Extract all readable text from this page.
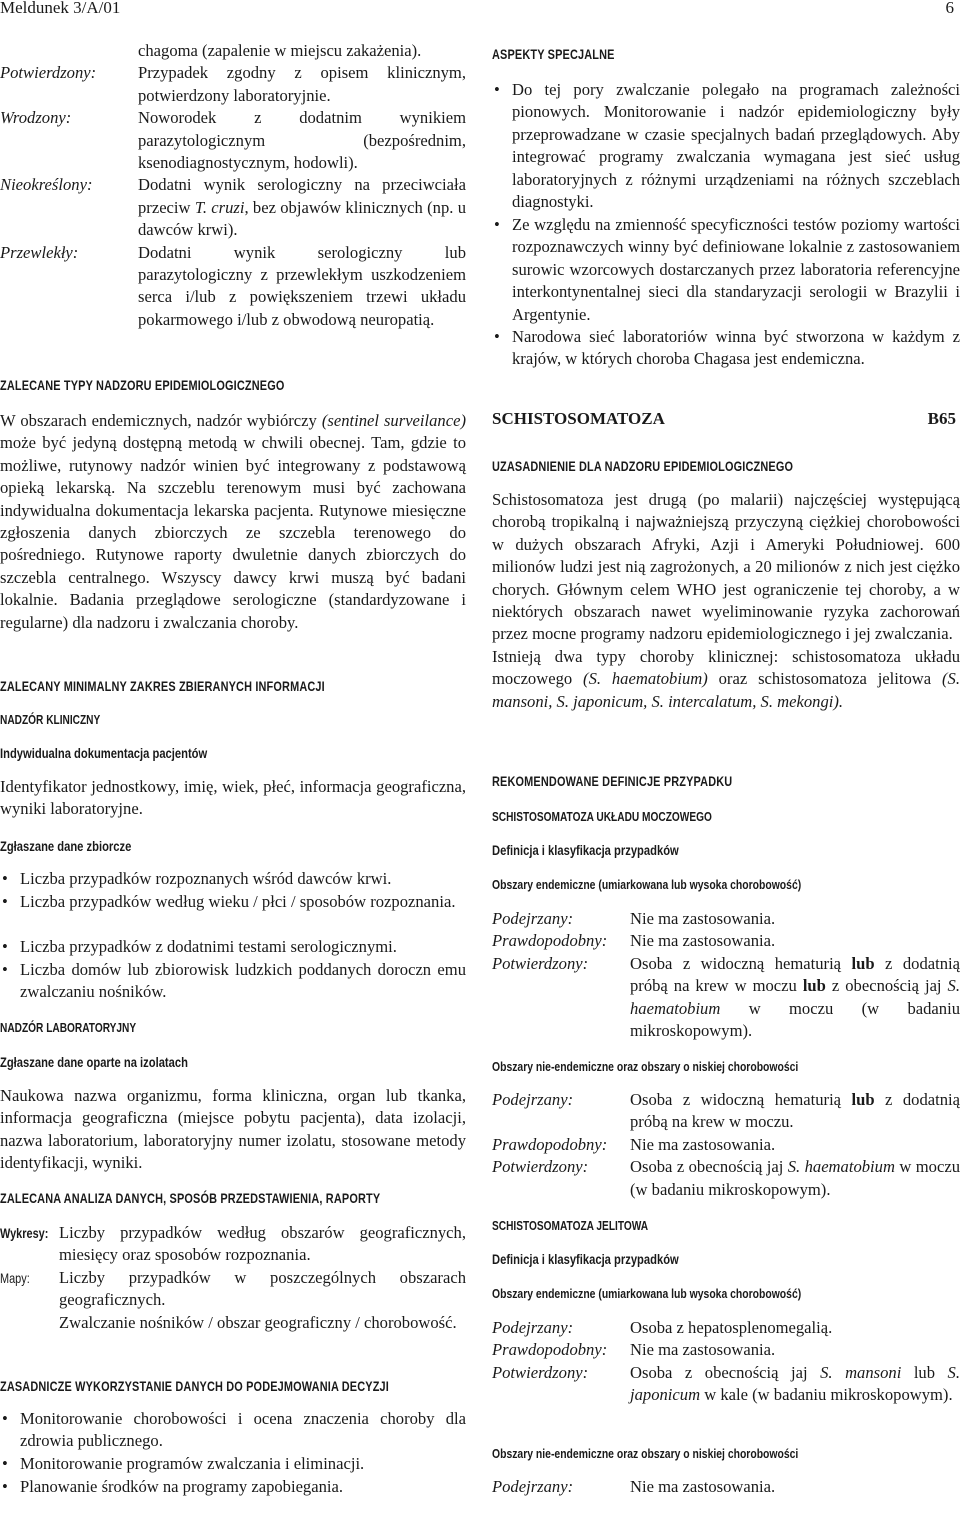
Meldunek 3/A/01	6
chagoma (zapalenie w miejscu zakażenia).
Potwierdzony:	Przypadek zgodny z opisem klinicznym, potwierdzony laboratoryjnie.
Wrodzony:	Noworodek z dodatnim wynikiem parazytologicznym (bezpośrednim, ksenodiagnostycznym, hodowli).
Nieokreślony:	Dodatni wynik serologiczny na przeciwciała przeciw T. cruzi, bez objawów klinicznych (np. u dawców krwi).
Przewlekły:	Dodatni wynik serologiczny lub parazytologiczny z przewlekłym uszkodzeniem serca i/lub z powiększeniem trzewi układu pokarmowego i/lub z obwodową neuropatią.
ZALECANE TYPY NADZORU EPIDEMIOLOGICZNEGO

W obszarach endemicznych, nadzór wybiórczy (sentinel surveilance) może być jedyną dostępną metodą w chwili obecnej. Tam, gdzie to możliwe, rutynowy nadzór winien być integrowany z podstawową opieką lekarską. Na szczeblu terenowym musi być zachowana indywidualna dokumentacja lekarska pacjenta. Rutynowe miesięczne zgłoszenia danych zbiorczych ze szczebla terenowego do pośredniego. Rutynowe raporty dwuletnie danych zbiorczych do szczebla centralnego. Wszyscy dawcy krwi muszą być badani lokalnie. Badania przeglądowe serologiczne (standardyzowane i regularne) dla nadzoru i zwalczania choroby.

ZALECANY MINIMALNY ZAKRES ZBIERANYCH INFORMACJI
NADZÓR KLINICZNY
Indywidualna dokumentacja pacjentów

Identyfikator jednostkowy, imię, wiek, płeć, informacja geograficzna, wyniki laboratoryjne.

Zgłaszane dane zbiorcze
• Liczba przypadków rozpoznanych wśród dawców krwi.
• Liczba przypadków według wieku / płci / sposobów rozpoznania.
• Liczba przypadków z dodatnimi testami serologicznymi.
• Liczba domów lub zbiorowisk ludzkich poddanych doroczn emu zwalczaniu nośników.
NADZÓR LABORATORYJNY
Zgłaszane dane oparte na izolatach

Naukowa nazwa organizmu, forma kliniczna, organ lub tkanka, informacja geograficzna (miejsce pobytu pacjenta), data izolacji, nazwa laboratorium, laboratoryjny numer izolatu, stosowane metody identyfikacji, wyniki.

ZALECANA ANALIZA DANYCH, SPOSÓB PRZEDSTAWIENIA, RAPORTY
Wykresy: Liczby przypadków według obszarów geograficznych, miesięcy oraz sposobów rozpoznania.
Mapy:	Liczby przypadków w poszczególnych obszarach geograficznych.
Zwalczanie nośników / obszar geograficzny / chorobowość.
ZASADNICZE WYKORZYSTANIE DANYCH DO PODEJMOWANIA DECYZJI
• Monitorowanie chorobowości i ocena znaczenia choroby dla zdrowia publicznego.
• Monitorowanie programów zwalczania i eliminacji.
• Planowanie środków na programy zapobiegania.
ASPEKTY SPECJALNE
• Do tej pory zwalczanie polegało na programach zależności pionowych. Monitorowanie i nadzór epidemiologiczny były przeprowadzane w czasie specjalnych badań przeglądowych. Aby integrować programy zwalczania wymagana jest sieć usług laboratoryjnych z różnymi urządzeniami na różnych szczeblach diagnostyki.
• Ze względu na zmienność specyficzności testów poziomy wartości rozpoznawczych winny być definiowane lokalnie z zastosowaniem surowic wzorcowych dostarczanych przez laboratoria referencyjne interkontynentalnej sieci dla standaryzacji serologii w Brazylii i Argentynie.
• Narodowa sieć laboratoriów winna być stworzona w każdym z krajów, w których choroba Chagasa jest endemiczna.
SCHISTOSOMATOZA	B65
UZASADNIENIE DLA NADZORU EPIDEMIOLOGICZNEGO

Schistosomatoza jest drugą (po malarii) najczęściej występującą chorobą tropikalną i najważniejszą przyczyną ciężkiej chorobowości w dużych obszarach Afryki, Azji i Ameryki Południowej. 600 milionów ludzi jest nią zagrożonych, a 20 milionów z nich jest ciężko chorych. Głównym celem WHO jest ograniczenie tej choroby, a w niektórych obszarach nawet wyeliminowanie ryzyka zachorowań przez mocne programy nadzoru epidemiologicznego i jej zwalczania.

Istnieją dwa typy choroby klinicznej: schistosomatoza układu moczowego (S. haematobium) oraz schistosomatoza jelitowa (S. mansoni, S. japonicum, S. intercalatum, S. mekongi).

REKOMENDOWANE DEFINICJE PRZYPADKU
SCHISTOSOMATOZA UKŁADU MOCZOWEGO
Definicja i klasyfikacja przypadków
Obszary endemiczne (umiarkowana lub wysoka chorobowość)
Podejrzany:	Nie ma zastosowania.
Prawdopodobny:	Nie ma zastosowania.
Potwierdzony:	Osoba z widoczną hematurią lub z dodatnią próbą na krew w moczu lub z obecnością jaj S. haematobium w moczu (w badaniu mikroskopowym).
Obszary nie-endemiczne oraz obszary o niskiej chorobowości
Podejrzany:	Osoba z widoczną hematurią lub z dodatnią próbą na krew w moczu.
Prawdopodobny:	Nie ma zastosowania.
Potwierdzony:	Osoba z obecnością jaj S. haematobium w moczu (w badaniu mikroskopowym).
SCHISTOSOMATOZA JELITOWA
Definicja i klasyfikacja przypadków
Obszary endemiczne (umiarkowana lub wysoka chorobowość)
Podejrzany:	Osoba z hepatosplenomegalią.
Prawdopodobny:	Nie ma zastosowania.
Potwierdzony:	Osoba z obecnością jaj S. mansoni lub S. japonicum w kale (w badaniu mikroskopowym).
Obszary nie-endemiczne oraz obszary o niskiej chorobowości
Podejrzany:	Nie ma zastosowania.
